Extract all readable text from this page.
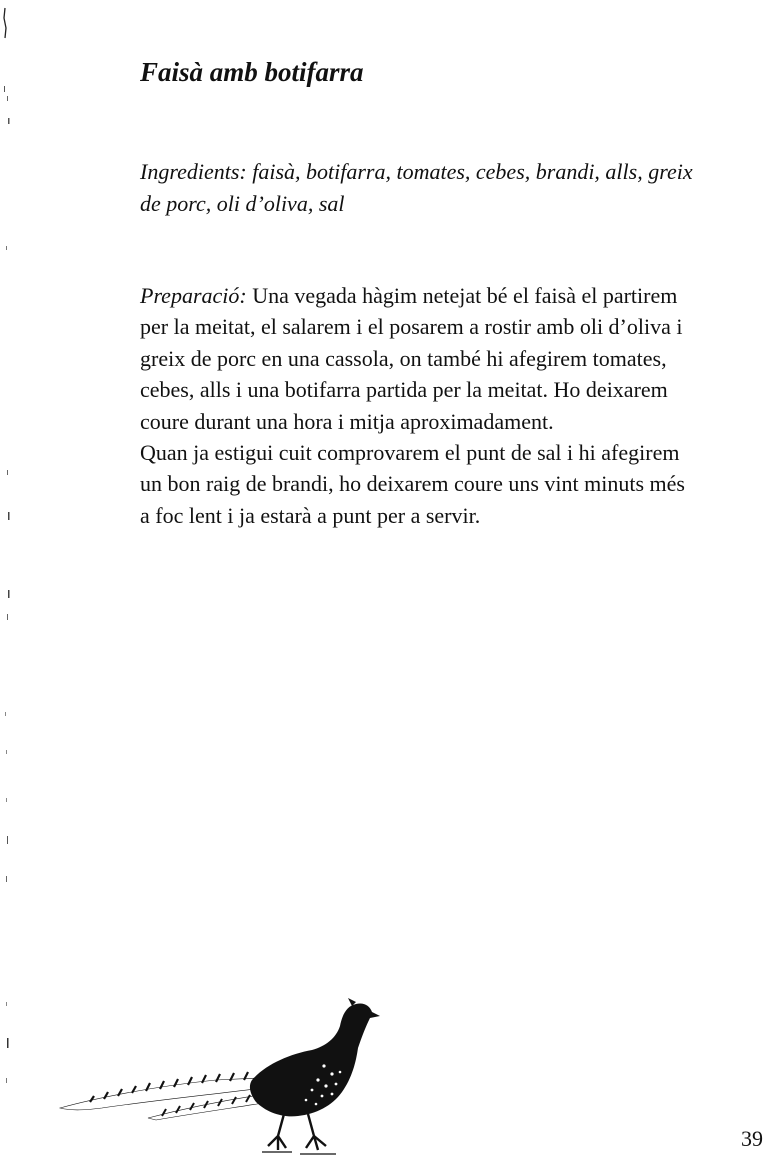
Faisà amb botifarra

Ingredients: faisà, botifarra, tomates, cebes, brandi, alls, greix
de porc, oli d’oliva, sal

Preparació: Una vegada hàgim netejat bé el faisà el partirem
per la meitat, el salarem i el posarem a rostir amb oli d’oliva i
greix de porc en una cassola, on també hi afegirem tomates,
cebes, alls i una botifarra partida per la meitat. Ho deixarem
coure durant una hora i mitja aproximadament.
Quan ja estigui cuit comprovarem el punt de sal i hi afegirem
un bon raig de brandi, ho deixarem coure uns vint minuts més
a foc lent i ja estarà a punt per a servir.

39
